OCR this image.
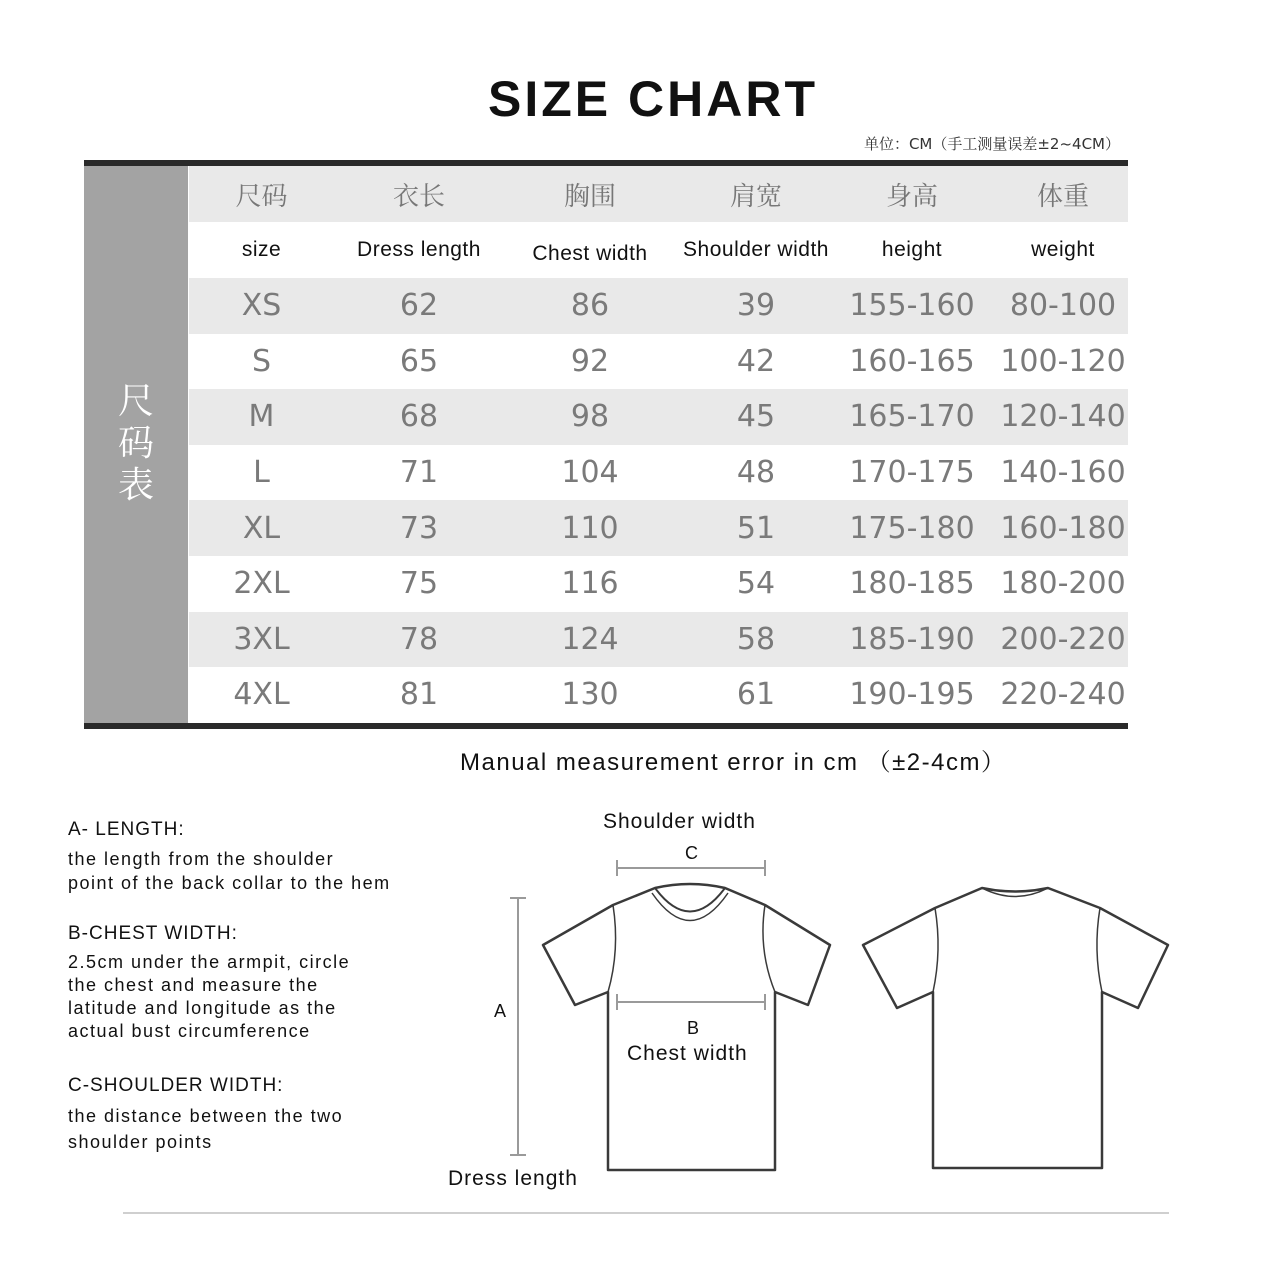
SIZE CHART
单位：CM（手工测量误差±2~4CM）
尺
码
表
尺码	衣长	胸围	肩宽	身高	体重
size	Dress length	Chest width	Shoulder width	height	weight
XS	62	86	39	155-160	80-100
S	65	92	42	160-165 100-120
M	68	98	45	165-170 120-140
L	71	104	48	170-175 140-160
XL	73	110	51	175-180 160-180
2XL	75	116	54	180-185 180-200
3XL	78	124	58	185-190 200-220
4XL	81	130	61	190-195 220-240
Manual measurement error in cm （±2-4cm）
A- LENGTH:
the length from the shoulder
point of the back collar to the hem
B-CHEST WIDTH:
2.5cm under the armpit, circle
the chest and measure the
latitude and longitude as the
actual bust circumference
C-SHOULDER WIDTH:
the distance between the two
shoulder points
Shoulder width
C
A
B
Chest width
Dress length
